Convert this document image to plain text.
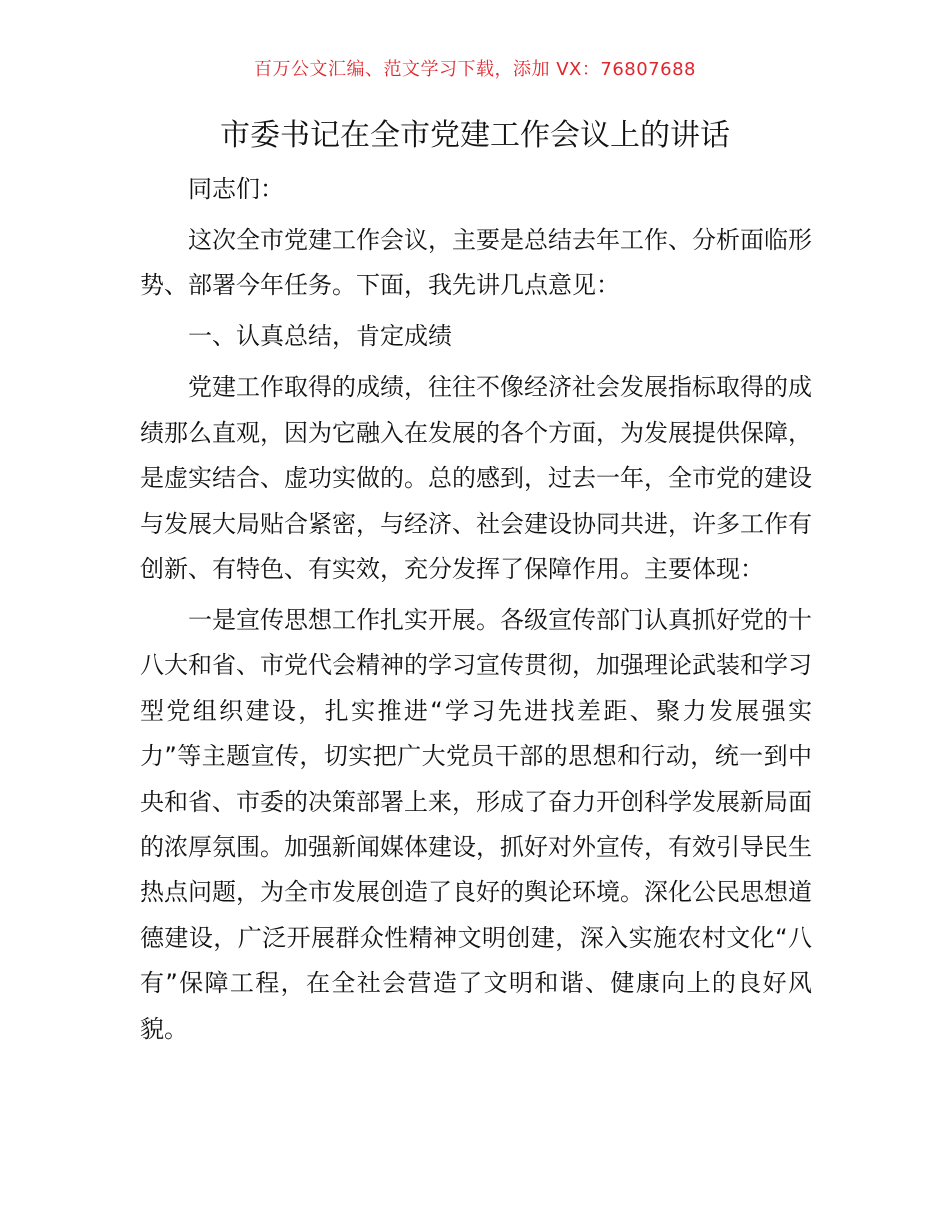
百万公文汇编、范文学习下载，添加 VX：76807688
市委书记在全市党建工作会议上的讲话

同志们：

这次全市党建工作会议，主要是总结去年工作、分析面临形势、部署今年任务。下面，我先讲几点意见：

一、认真总结，肯定成绩

党建工作取得的成绩，往往不像经济社会发展指标取得的成绩那么直观，因为它融入在发展的各个方面，为发展提供保障，是虚实结合、虚功实做的。总的感到，过去一年，全市党的建设与发展大局贴合紧密，与经济、社会建设协同共进，许多工作有创新、有特色、有实效，充分发挥了保障作用。主要体现：

一是宣传思想工作扎实开展。各级宣传部门认真抓好党的十八大和省、市党代会精神的学习宣传贯彻，加强理论武装和学习型党组织建设，扎实推进“学习先进找差距、聚力发展强实力”等主题宣传，切实把广大党员干部的思想和行动，统一到中央和省、市委的决策部署上来，形成了奋力开创科学发展新局面的浓厚氛围。加强新闻媒体建设，抓好对外宣传，有效引导民生热点问题，为全市发展创造了良好的舆论环境。深化公民思想道德建设，广泛开展群众性精神文明创建，深入实施农村文化“八有”保障工程，在全社会营造了文明和谐、健康向上的良好风貌。
